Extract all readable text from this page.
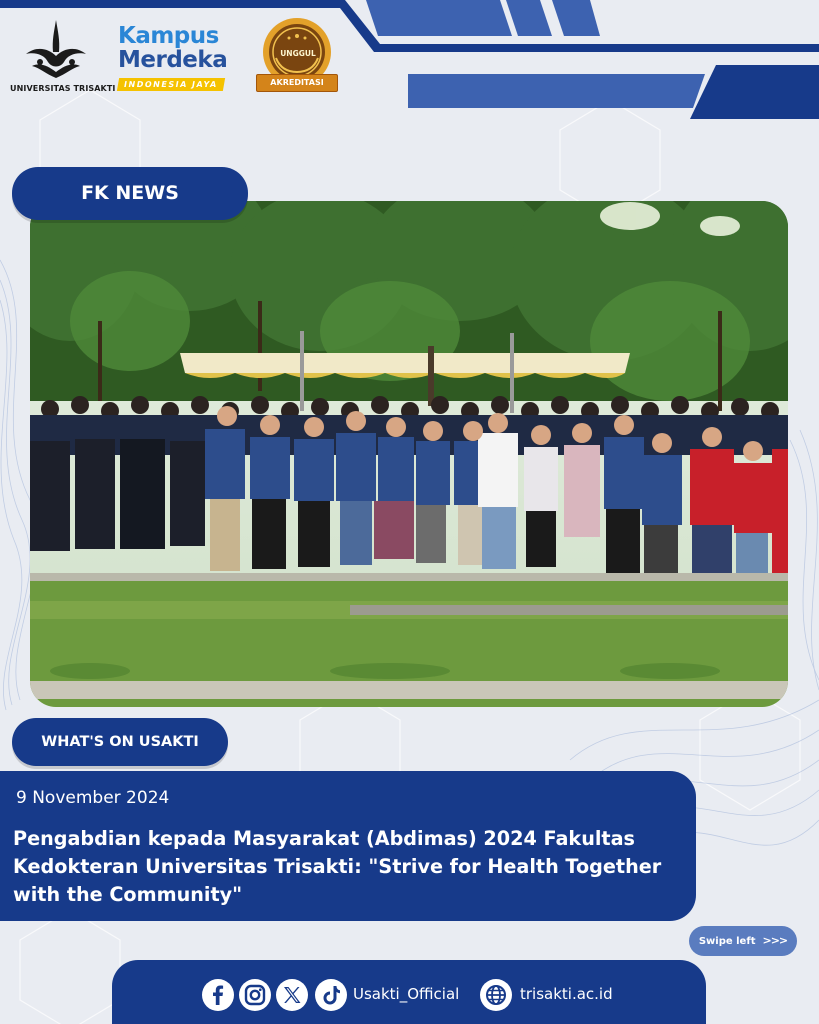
UNIVERSITAS TRISAKTI
Kampus
Merdeka
INDONESIA JAYA
UNGGUL
AKREDITASI
FK NEWS
WHAT'S ON USAKTI
9 November 2024
Pengabdian kepada Masyarakat (Abdimas) 2024 Fakultas Kedokteran Universitas Trisakti: "Strive for Health Together with the Community"
Swipe left >>>
Usakti_Official	trisakti.ac.id
